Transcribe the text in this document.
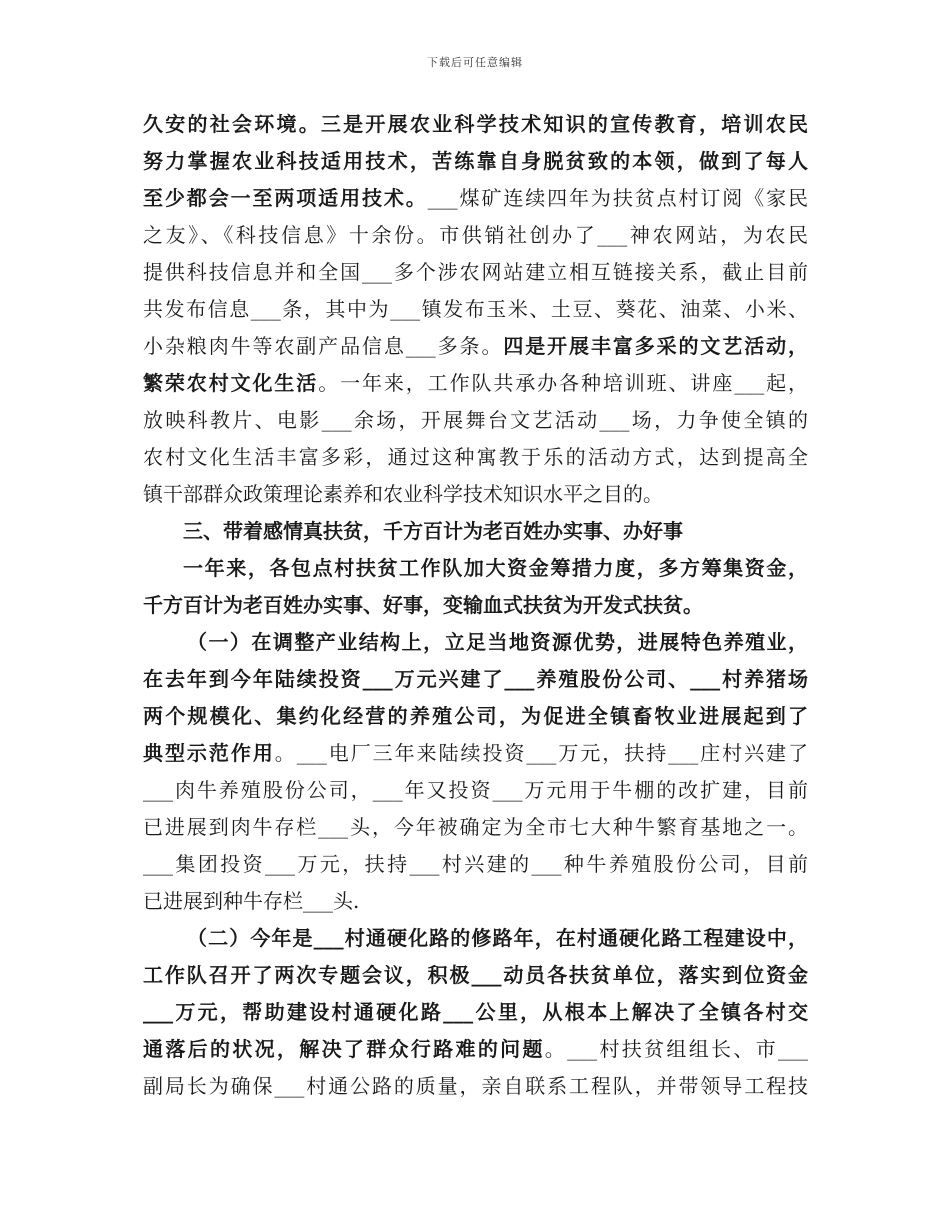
下载后可任意编辑
久安的社会环境。三是开展农业科学技术知识的宣传教育，培训农民
努力掌握农业科技适用技术，苦练靠自身脱贫致的本领，做到了每人
至少都会一至两项适用技术。___煤矿连续四年为扶贫点村订阅《家民
之友》、《科技信息》十余份。市供销社创办了___神农网站，为农民
提供科技信息并和全国___多个涉农网站建立相互链接关系，截止目前
共发布信息___条，其中为___镇发布玉米、土豆、葵花、油菜、小米、
小杂粮肉牛等农副产品信息___多条。四是开展丰富多采的文艺活动，
繁荣农村文化生活。一年来，工作队共承办各种培训班、讲座___起，
放映科教片、电影___余场，开展舞台文艺活动___场，力争使全镇的
农村文化生活丰富多彩，通过这种寓教于乐的活动方式，达到提高全
镇干部群众政策理论素养和农业科学技术知识水平之目的。
三、带着感情真扶贫，千方百计为老百姓办实事、办好事
一年来，各包点村扶贫工作队加大资金筹措力度，多方筹集资金，
千方百计为老百姓办实事、好事，变输血式扶贫为开发式扶贫。
（一）在调整产业结构上，立足当地资源优势，进展特色养殖业，
在去年到今年陆续投资___万元兴建了___养殖股份公司、___村养猪场
两个规模化、集约化经营的养殖公司，为促进全镇畜牧业进展起到了
典型示范作用。___电厂三年来陆续投资___万元，扶持___庄村兴建了
___肉牛养殖股份公司，___年又投资___万元用于牛棚的改扩建，目前
已进展到肉牛存栏___头，今年被确定为全市七大种牛繁育基地之一。
___集团投资___万元，扶持___村兴建的___种牛养殖股份公司，目前
已进展到种牛存栏___头.
（二）今年是___村通硬化路的修路年，在村通硬化路工程建设中，
工作队召开了两次专题会议，积极___动员各扶贫单位，落实到位资金
___万元，帮助建设村通硬化路___公里，从根本上解决了全镇各村交
通落后的状况，解决了群众行路难的问题。___村扶贫组组长、市___
副局长为确保___村通公路的质量，亲自联系工程队，并带领导工程技
